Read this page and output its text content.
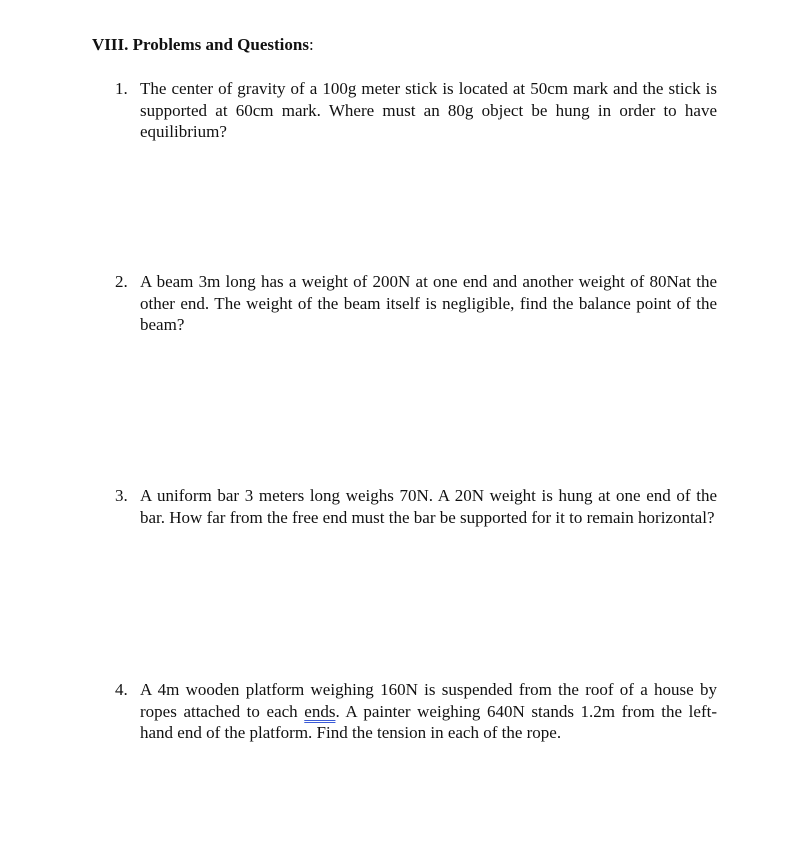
VIII. Problems and Questions:
1. The center of gravity of a 100g meter stick is located at 50cm mark and the stick is supported at 60cm mark. Where must an 80g object be hung in order to have equilibrium?
2. A beam 3m long has a weight of 200N at one end and another weight of 80Nat the other end. The weight of the beam itself is negligible, find the balance point of the beam?
3. A uniform bar 3 meters long weighs 70N. A 20N weight is hung at one end of the bar. How far from the free end must the bar be supported for it to remain horizontal?
4. A 4m wooden platform weighing 160N is suspended from the roof of a house by ropes attached to each ends. A painter weighing 640N stands 1.2m from the left-hand end of the platform. Find the tension in each of the rope.
